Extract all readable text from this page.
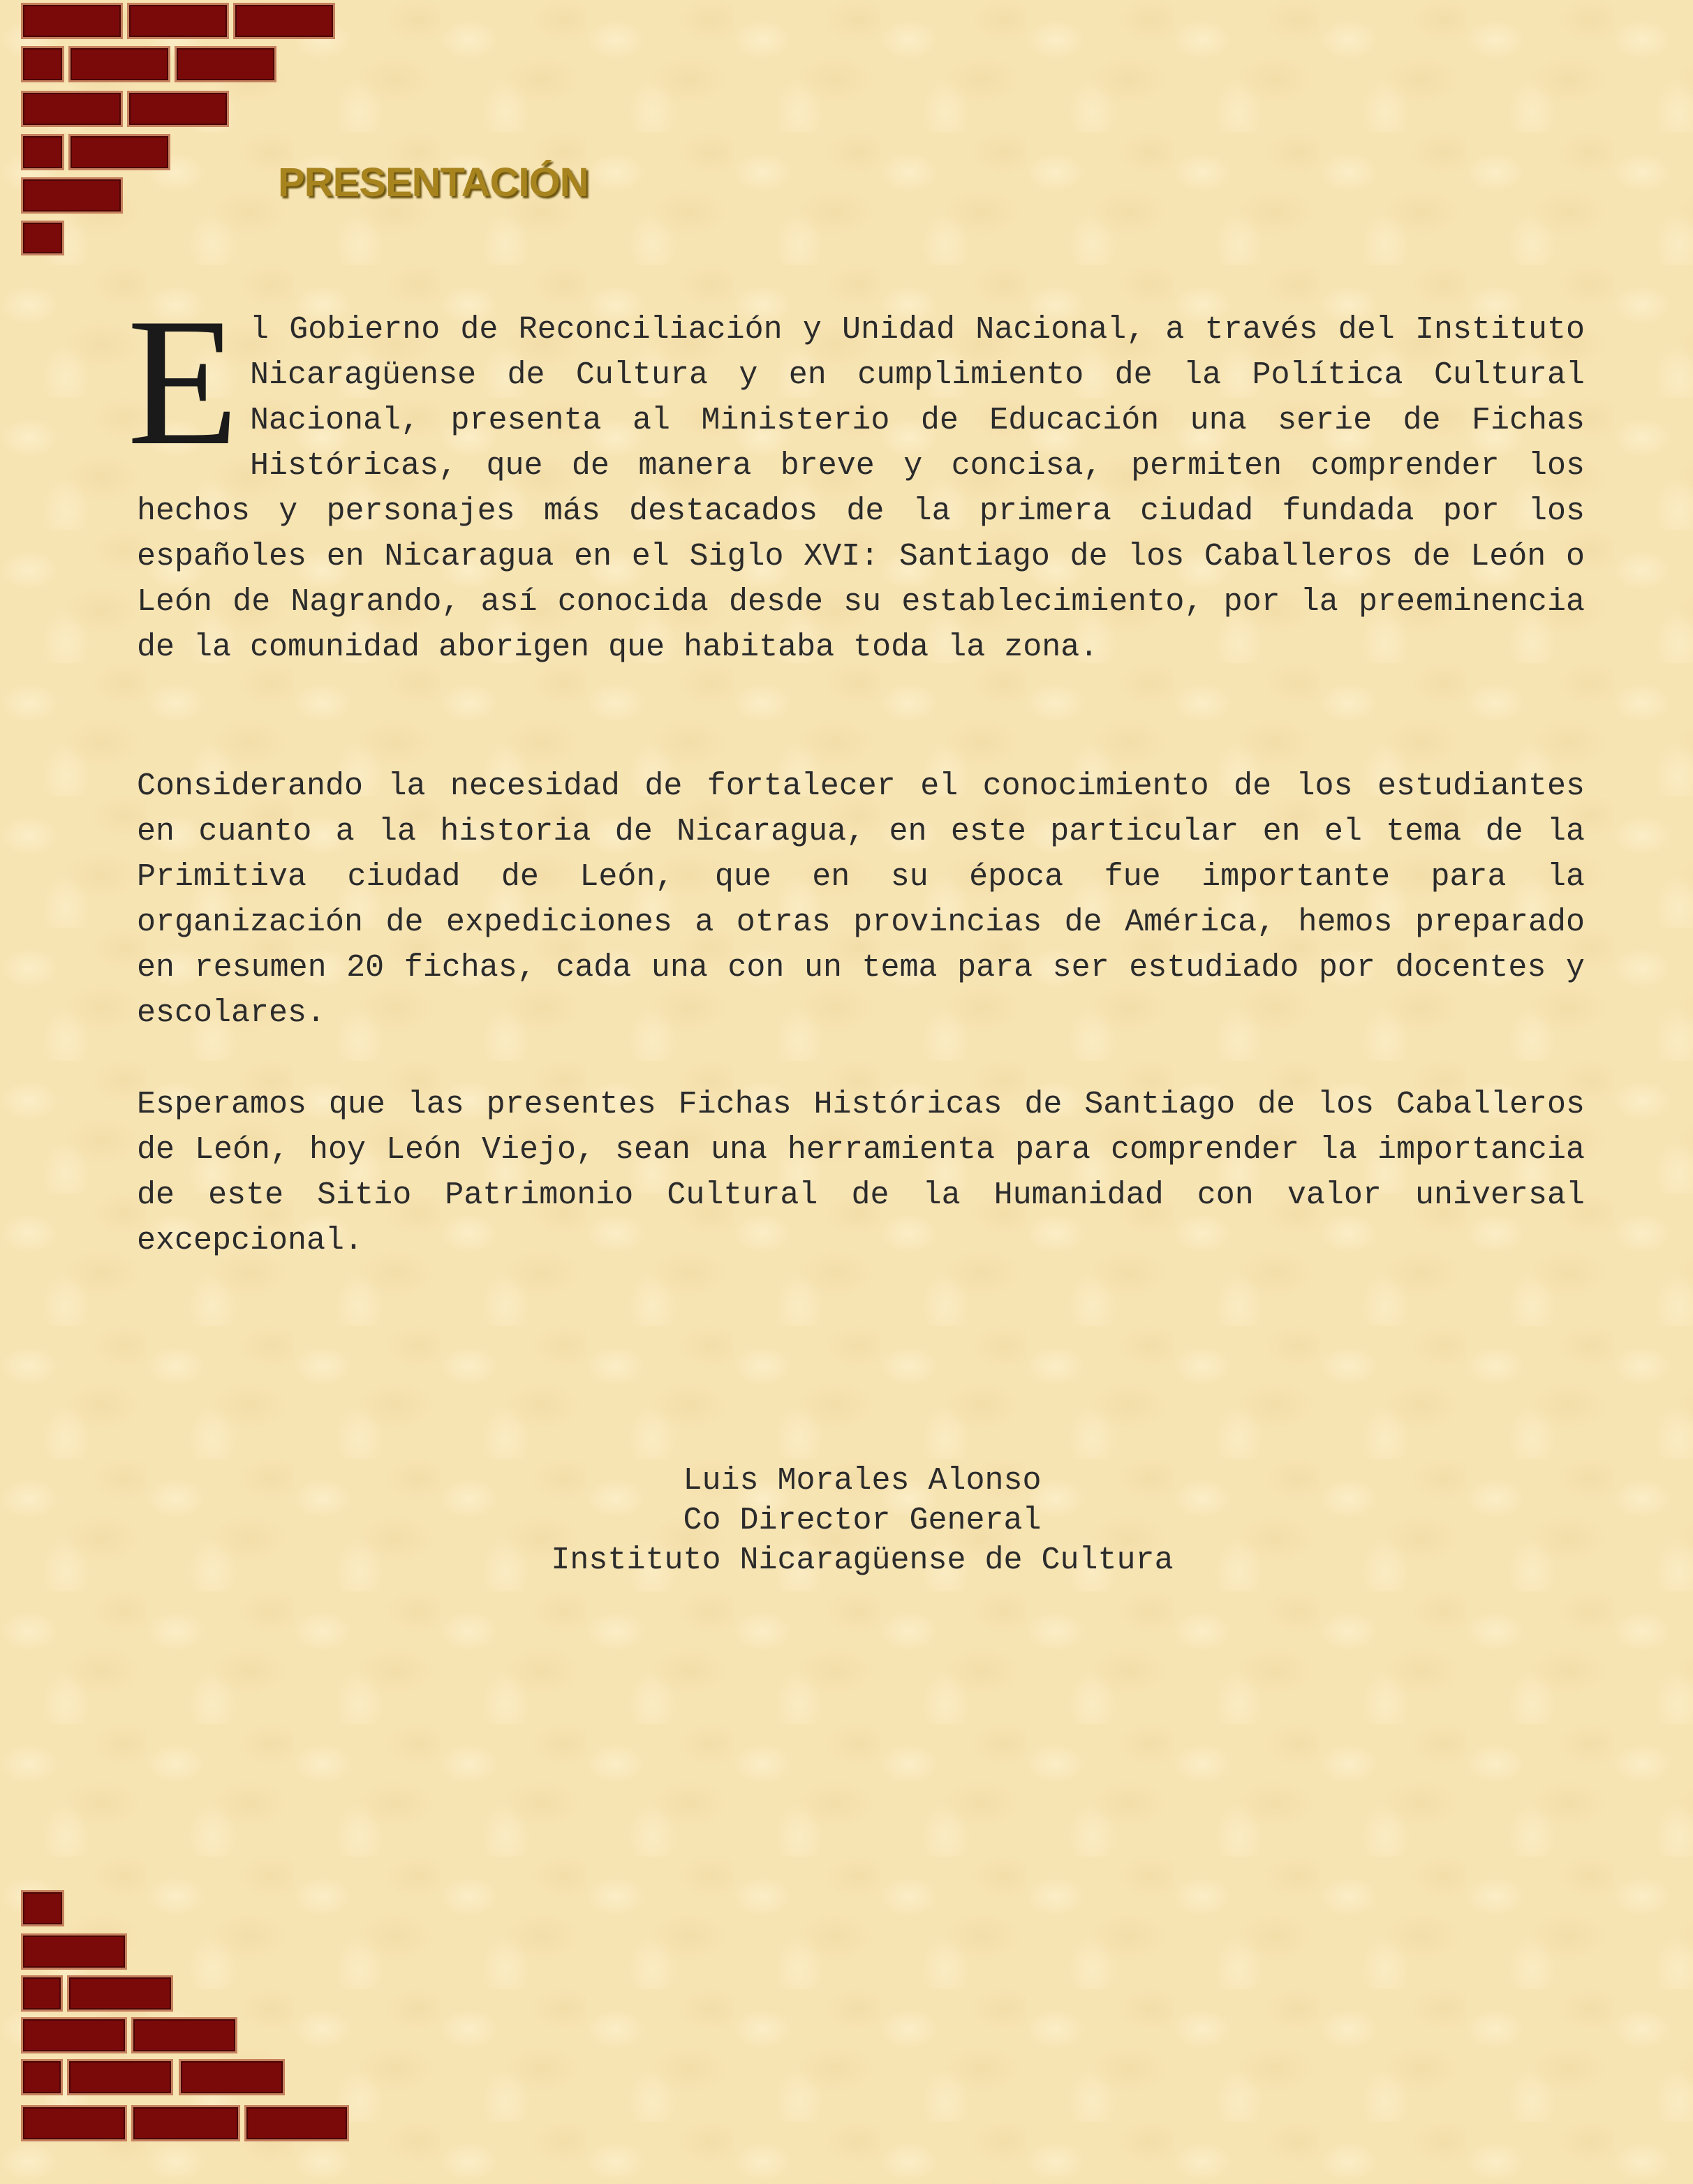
PRESENTACIÓN
El Gobierno de Reconciliación y Unidad Nacional, a través del Instituto Nicaragüense de Cultura y en cumplimiento de la Política Cultural Nacional, presenta al Ministerio de Educación una serie de Fichas Históricas, que de manera breve y concisa, permiten comprender los hechos y personajes más destacados de la primera ciudad fundada por los españoles en Nicaragua en el Siglo XVI: Santiago de los Caballeros de León o León de Nagrando, así conocida desde su establecimiento, por la preeminencia de la comunidad aborigen que habitaba toda la zona.
Considerando la necesidad de fortalecer el conocimiento de los estudiantes en cuanto a la historia de Nicaragua, en este particular en el tema de la Primitiva ciudad de León, que en su época fue importante para la organización de expediciones a otras provincias de América, hemos preparado en resumen 20 fichas, cada una con un tema para ser estudiado por docentes y escolares.
Esperamos que las presentes Fichas Históricas de Santiago de los Caballeros de León, hoy León Viejo, sean una herramienta para comprender la importancia de este Sitio Patrimonio Cultural de la Humanidad con valor universal excepcional.
Luis Morales Alonso
Co Director General
Instituto Nicaragüense de Cultura
